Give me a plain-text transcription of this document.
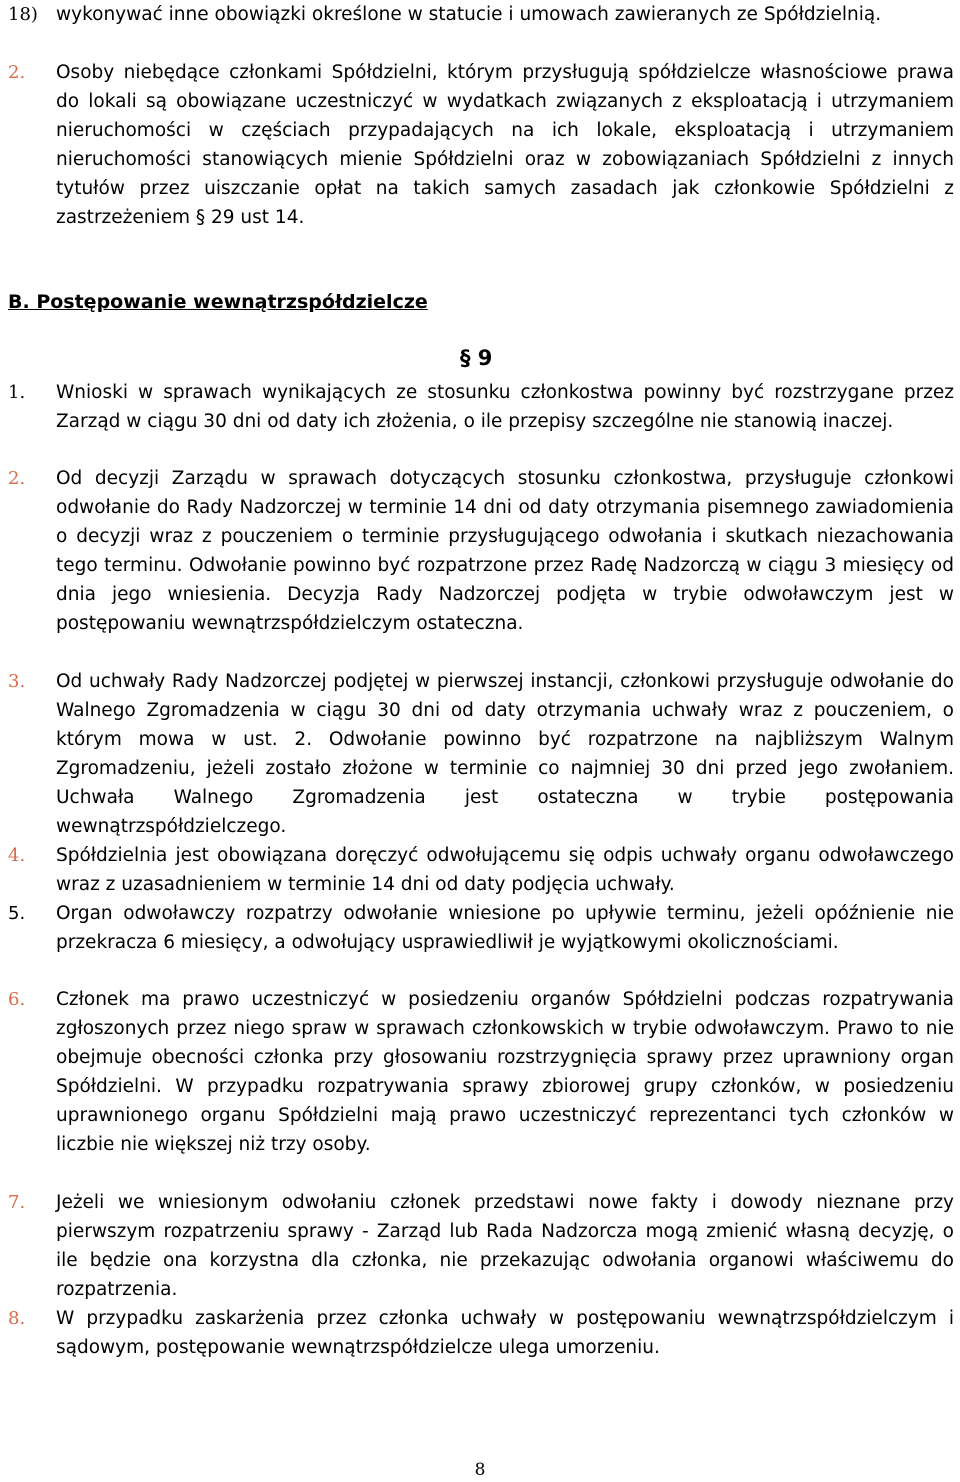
18) wykonywać inne obowiązki określone w statucie i umowach zawieranych ze Spółdzielnią.
2.	Osoby niebędące członkami Spółdzielni, którym przysługują spółdzielcze własnościowe prawa do lokali są obowiązane uczestniczyć w wydatkach związanych z eksploatacją i utrzymaniem nieruchomości w częściach przypadających na ich lokale, eksploatacją i utrzymaniem nieruchomości stanowiących mienie Spółdzielni oraz w zobowiązaniach Spółdzielni z innych tytułów przez uiszczanie opłat na takich samych zasadach jak członkowie Spółdzielni z zastrzeżeniem § 29 ust 14.
B. Postępowanie wewnątrzspółdzielcze
§ 9
1.	Wnioski w sprawach wynikających ze stosunku członkostwa powinny być rozstrzygane przez Zarząd w ciągu 30 dni od daty ich złożenia, o ile przepisy szczególne nie stanowią inaczej.
2.	Od decyzji Zarządu w sprawach dotyczących stosunku członkostwa, przysługuje członkowi odwołanie do Rady Nadzorczej w terminie 14 dni od daty otrzymania pisemnego zawiadomienia o decyzji wraz z pouczeniem o terminie przysługującego odwołania i skutkach niezachowania tego terminu. Odwołanie powinno być rozpatrzone przez Radę Nadzorczą w ciągu 3 miesięcy od dnia jego wniesienia. Decyzja Rady Nadzorczej podjęta w trybie odwoławczym jest w postępowaniu wewnątrzspółdzielczym ostateczna.
3.	Od uchwały Rady Nadzorczej podjętej w pierwszej instancji, członkowi przysługuje odwołanie do Walnego Zgromadzenia w ciągu 30 dni od daty otrzymania uchwały wraz z pouczeniem, o którym mowa w ust. 2. Odwołanie powinno być rozpatrzone na najbliższym Walnym Zgromadzeniu, jeżeli zostało złożone w terminie co najmniej 30 dni przed jego zwołaniem. Uchwała Walnego Zgromadzenia jest ostateczna w trybie postępowania wewnątrzspółdzielczego.
4.	Spółdzielnia jest obowiązana doręczyć odwołującemu się odpis uchwały organu odwoławczego wraz z uzasadnieniem w terminie 14 dni od daty podjęcia uchwały.
5.	Organ odwoławczy rozpatrzy odwołanie wniesione po upływie terminu, jeżeli opóźnienie nie przekracza 6 miesięcy, a odwołujący usprawiedliwił je wyjątkowymi okolicznościami.
6.	Członek ma prawo uczestniczyć w posiedzeniu organów Spółdzielni podczas rozpatrywania zgłoszonych przez niego spraw w sprawach członkowskich w trybie odwoławczym. Prawo to nie obejmuje obecności członka przy głosowaniu rozstrzygnięcia sprawy przez uprawniony organ Spółdzielni. W przypadku rozpatrywania sprawy zbiorowej grupy członków, w posiedzeniu uprawnionego organu Spółdzielni mają prawo uczestniczyć reprezentanci tych członków w liczbie nie większej niż trzy osoby.
7.	Jeżeli we wniesionym odwołaniu członek przedstawi nowe fakty i dowody nieznane przy pierwszym rozpatrzeniu sprawy - Zarząd lub Rada Nadzorcza mogą zmienić własną decyzję, o ile będzie ona korzystna dla członka, nie przekazując odwołania organowi właściwemu do rozpatrzenia.
8.	W przypadku zaskarżenia przez członka uchwały w postępowaniu wewnątrzspółdzielczym i sądowym, postępowanie wewnątrzspółdzielcze ulega umorzeniu.
8
